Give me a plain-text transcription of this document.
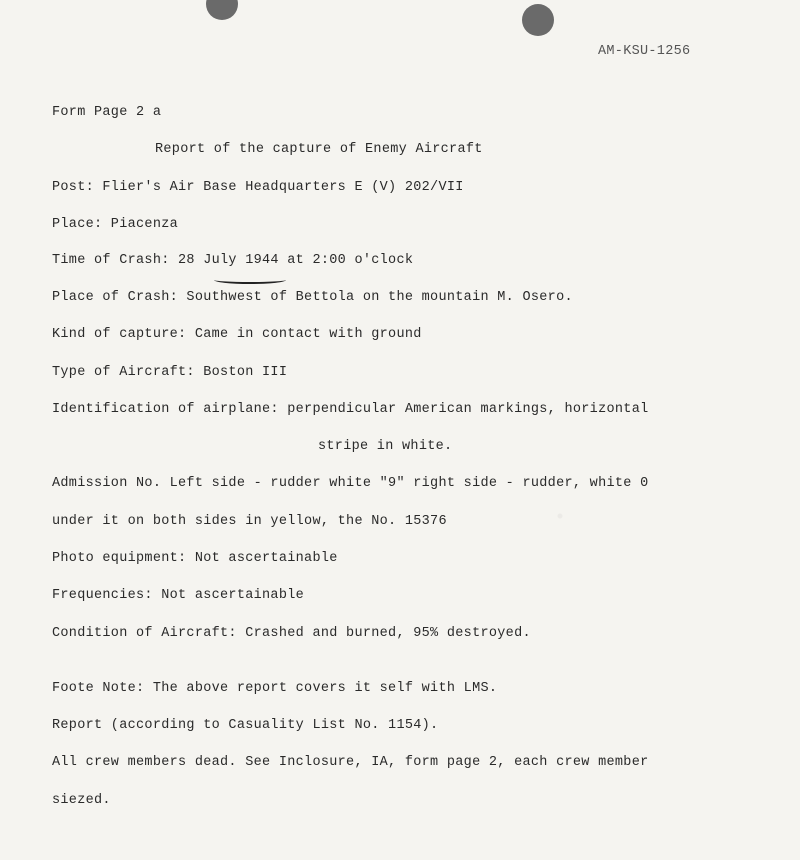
AM-KSU-1256
Form Page 2 a
Report of the capture of Enemy Aircraft
Post: Flier's Air Base Headquarters E (V) 202/VII
Place: Piacenza
Time of Crash: 28 July 1944 at 2:00 o'clock
Place of Crash: Southwest of Bettola on the mountain M. Osero.
Kind of capture: Came in contact with ground
Type of Aircraft: Boston III
Identification of airplane: perpendicular American markings, horizontal
stripe in white.
Admission No. Left side - rudder white "9" right side - rudder, white 0
under it on both sides in yellow, the No. 15376
Photo equipment: Not ascertainable
Frequencies: Not ascertainable
Condition of Aircraft: Crashed and burned, 95% destroyed.
Foote Note: The above report covers it self with LMS.
Report (according to Casuality List No. 1154).
All crew members dead. See Inclosure, IA, form page 2, each crew member
siezed.
